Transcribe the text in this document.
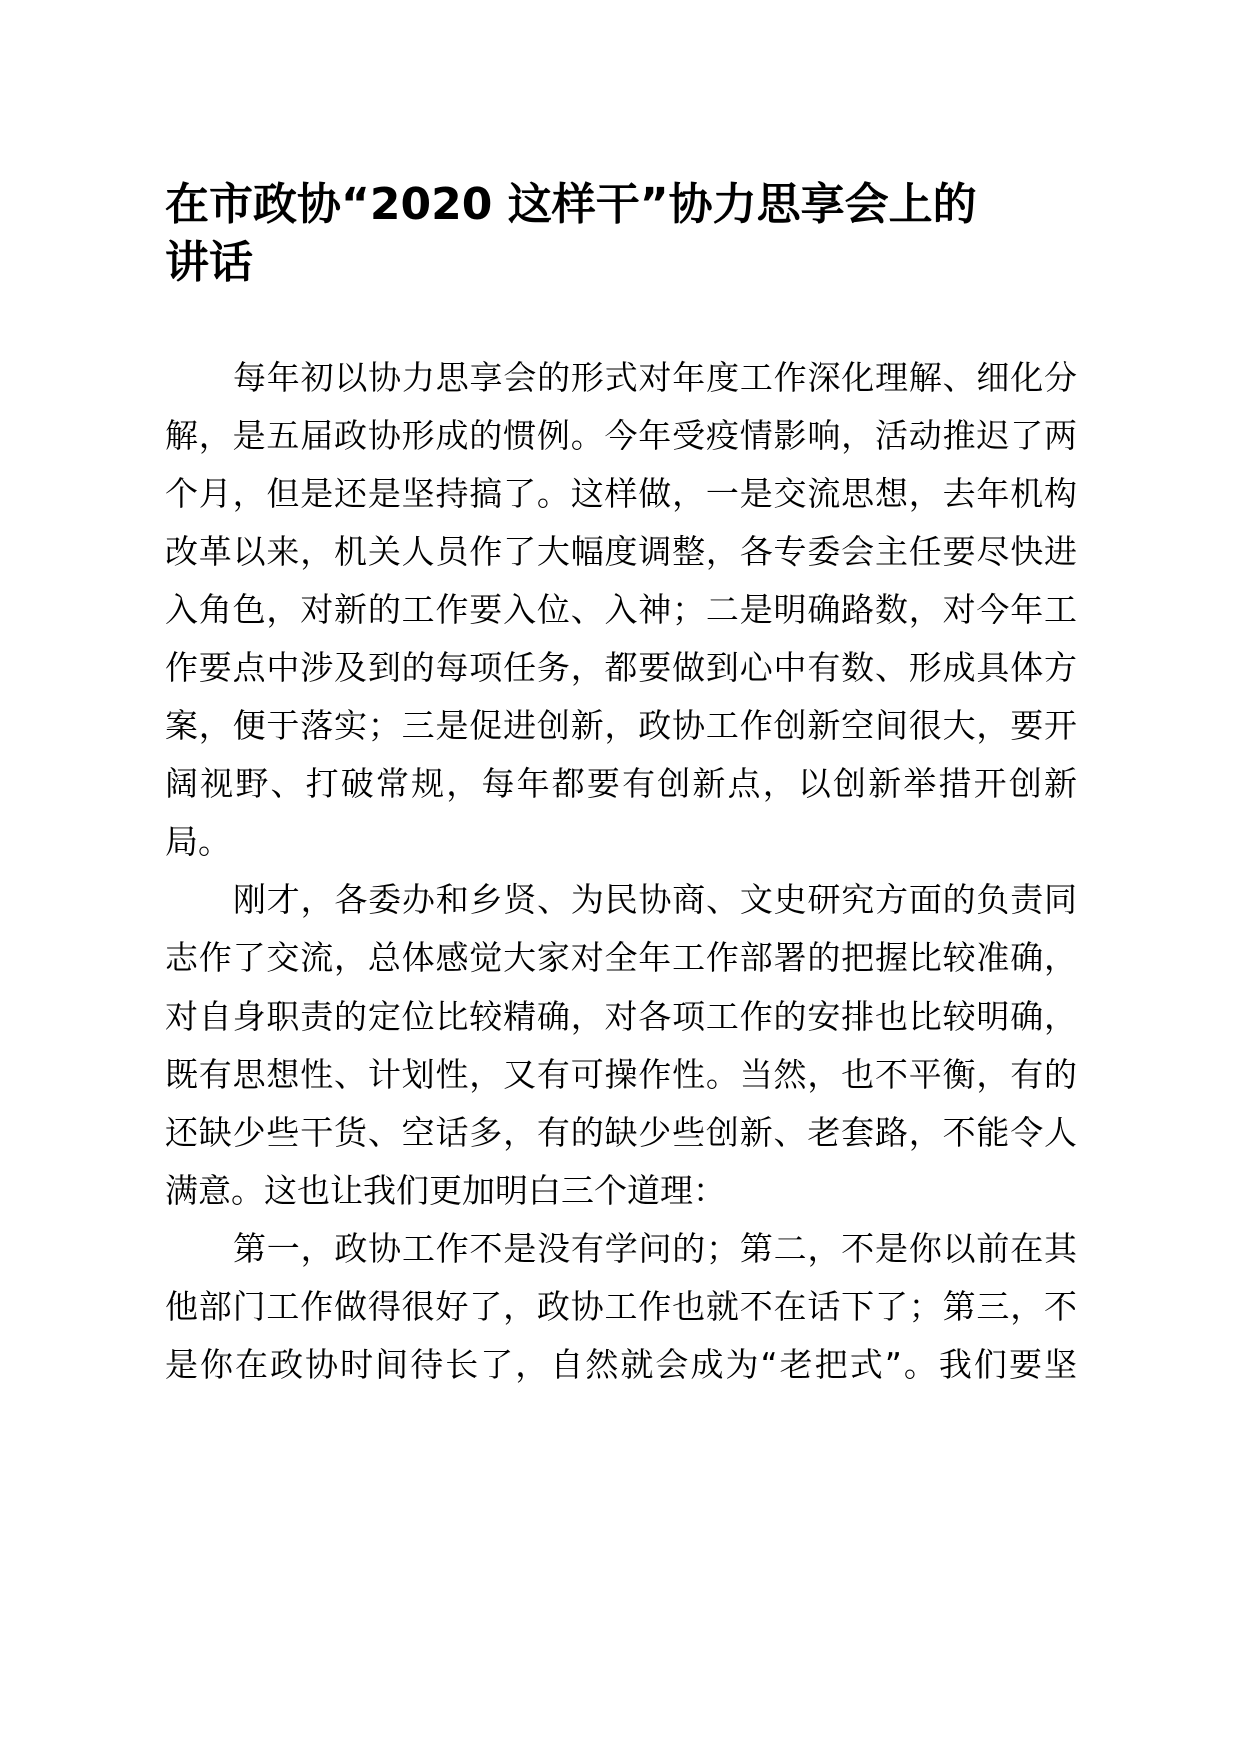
在市政协“2020 这样干”协力思享会上的
讲话
每年初以协力思享会的形式对年度工作深化理解、细化分
解，是五届政协形成的惯例。今年受疫情影响，活动推迟了两
个月，但是还是坚持搞了。这样做，一是交流思想，去年机构
改革以来，机关人员作了大幅度调整，各专委会主任要尽快进
入角色，对新的工作要入位、入神；二是明确路数，对今年工
作要点中涉及到的每项任务，都要做到心中有数、形成具体方
案，便于落实；三是促进创新，政协工作创新空间很大，要开
阔视野、打破常规，每年都要有创新点，以创新举措开创新
局。
刚才，各委办和乡贤、为民协商、文史研究方面的负责同
志作了交流，总体感觉大家对全年工作部署的把握比较准确，
对自身职责的定位比较精确，对各项工作的安排也比较明确，
既有思想性、计划性，又有可操作性。当然，也不平衡，有的
还缺少些干货、空话多，有的缺少些创新、老套路，不能令人
满意。这也让我们更加明白三个道理：
第一，政协工作不是没有学问的；第二，不是你以前在其
他部门工作做得很好了，政协工作也就不在话下了；第三，不
是你在政协时间待长了，自然就会成为“老把式”。我们要坚
